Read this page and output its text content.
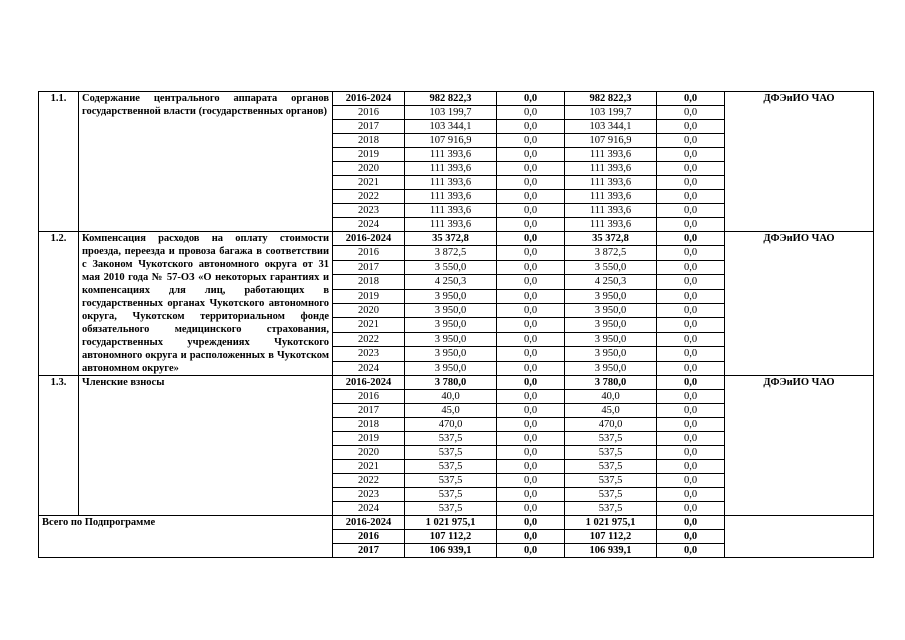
1.1.	Содержание центрального аппарата органов государственной власти (государственных органов)	2016-2024	982 822,3	0,0	982 822,3	0,0	ДФЭиИО ЧАО
		2016	103 199,7	0,0	103 199,7	0,0	
		2017	103 344,1	0,0	103 344,1	0,0	
		2018	107 916,9	0,0	107 916,9	0,0	
		2019	111 393,6	0,0	111 393,6	0,0	
		2020	111 393,6	0,0	111 393,6	0,0	
		2021	111 393,6	0,0	111 393,6	0,0	
		2022	111 393,6	0,0	111 393,6	0,0	
		2023	111 393,6	0,0	111 393,6	0,0	
		2024	111 393,6	0,0	111 393,6	0,0	
1.2.	Компенсация расходов на оплату стоимости проезда, переезда и провоза багажа в соответствии с Законом Чукотского автономного округа от 31 мая 2010 года № 57-ОЗ «О некоторых гарантиях и компенсациях для лиц, работающих в государственных органах Чукотского автономного округа, Чукотском территориальном фонде обязательного медицинского страхования, государственных учреждениях Чукотского автономного округа и расположенных в Чукотском автономном округе»	2016-2024	35 372,8	0,0	35 372,8	0,0	ДФЭиИО ЧАО
		2016	3 872,5	0,0	3 872,5	0,0	
		2017	3 550,0	0,0	3 550,0	0,0	
		2018	4 250,3	0,0	4 250,3	0,0	
		2019	3 950,0	0,0	3 950,0	0,0	
		2020	3 950,0	0,0	3 950,0	0,0	
		2021	3 950,0	0,0	3 950,0	0,0	
		2022	3 950,0	0,0	3 950,0	0,0	
		2023	3 950,0	0,0	3 950,0	0,0	
		2024	3 950,0	0,0	3 950,0	0,0	
1.3.	Членские взносы	2016-2024	3 780,0	0,0	3 780,0	0,0	ДФЭиИО ЧАО
		2016	40,0	0,0	40,0	0,0	
		2017	45,0	0,0	45,0	0,0	
		2018	470,0	0,0	470,0	0,0	
		2019	537,5	0,0	537,5	0,0	
		2020	537,5	0,0	537,5	0,0	
		2021	537,5	0,0	537,5	0,0	
		2022	537,5	0,0	537,5	0,0	
		2023	537,5	0,0	537,5	0,0	
		2024	537,5	0,0	537,5	0,0	
Всего по Подпрограмме		2016-2024	1 021 975,1	0,0	1 021 975,1	0,0	
		2016	107 112,2	0,0	107 112,2	0,0	
		2017	106 939,1	0,0	106 939,1	0,0	
